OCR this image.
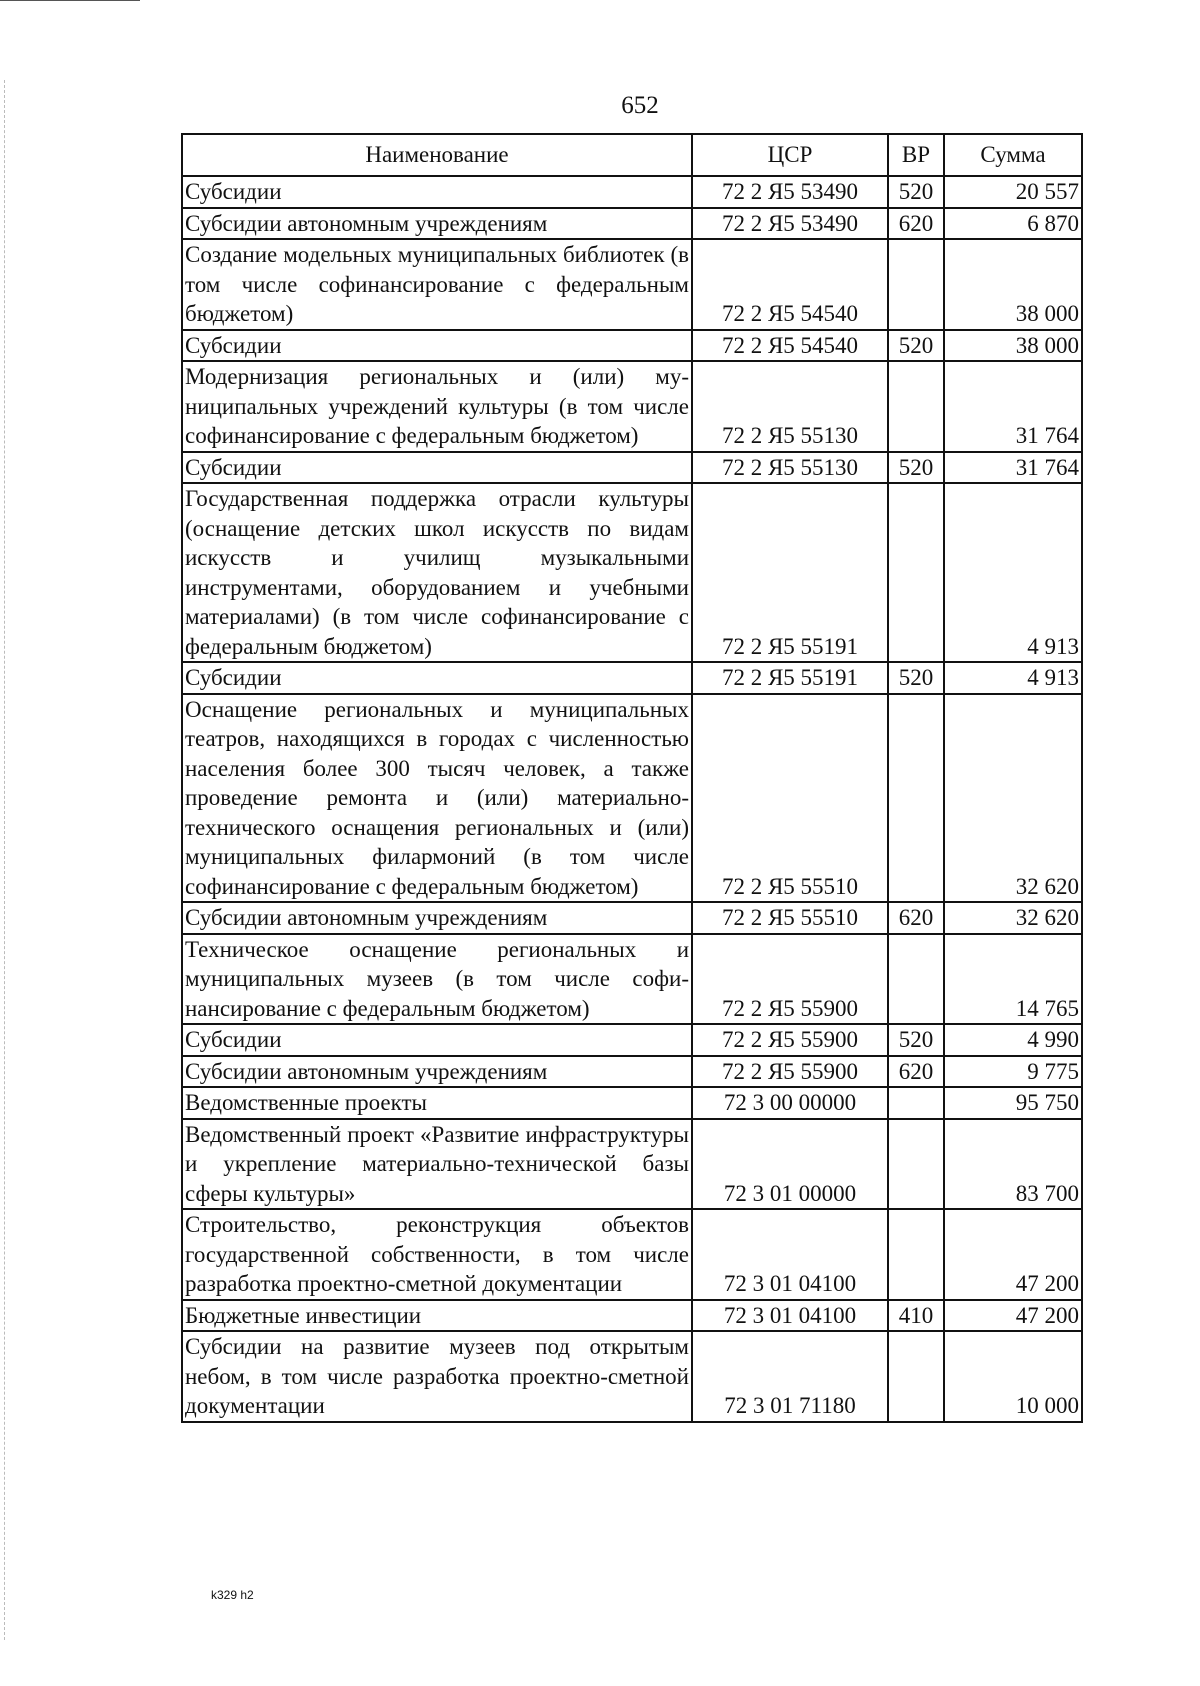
652
Наименование	ЦСР	ВР	Сумма
Субсидии	72 2 Я5 53490	520	20 557
Субсидии автономным учреждениям	72 2 Я5 53490	620	6 870
Создание модельных муниципальных библиотек (в том числе софинансирование с федеральным бюджетом)	72 2 Я5 54540		38 000
Субсидии	72 2 Я5 54540	520	38 000
Модернизация региональных и (или) муниципальных учреждений культуры (в том числе софинансирование с федеральным бюджетом)	72 2 Я5 55130		31 764
Субсидии	72 2 Я5 55130	520	31 764
Государственная поддержка отрасли культуры (оснащение детских школ искусств по видам искусств и училищ музыкальными инструментами, оборудованием и учебными материалами) (в том числе софинансирование с федеральным бюджетом)	72 2 Я5 55191		4 913
Субсидии	72 2 Я5 55191	520	4 913
Оснащение региональных и муниципальных театров, находящихся в городах с численностью населения более 300 тысяч человек, а также проведение ремонта и (или) материально-технического оснащения региональных и (или) муниципальных филармоний (в том числе софинансирование с федеральным бюджетом)	72 2 Я5 55510		32 620
Субсидии автономным учреждениям	72 2 Я5 55510	620	32 620
Техническое оснащение региональных и муниципальных музеев (в том числе софинансирование с федеральным бюджетом)	72 2 Я5 55900		14 765
Субсидии	72 2 Я5 55900	520	4 990
Субсидии автономным учреждениям	72 2 Я5 55900	620	9 775
Ведомственные проекты	72 3 00 00000		95 750
Ведомственный проект «Развитие инфраструктуры и укрепление материально-технической базы сферы культуры»	72 3 01 00000		83 700
Строительство, реконструкция объектов государственной собственности, в том числе разработка проектно-сметной документации	72 3 01 04100		47 200
Бюджетные инвестиции	72 3 01 04100	410	47 200
Субсидии на развитие музеев под открытым небом, в том числе разработка проектно-сметной документации	72 3 01 71180		10 000
k329 h2
